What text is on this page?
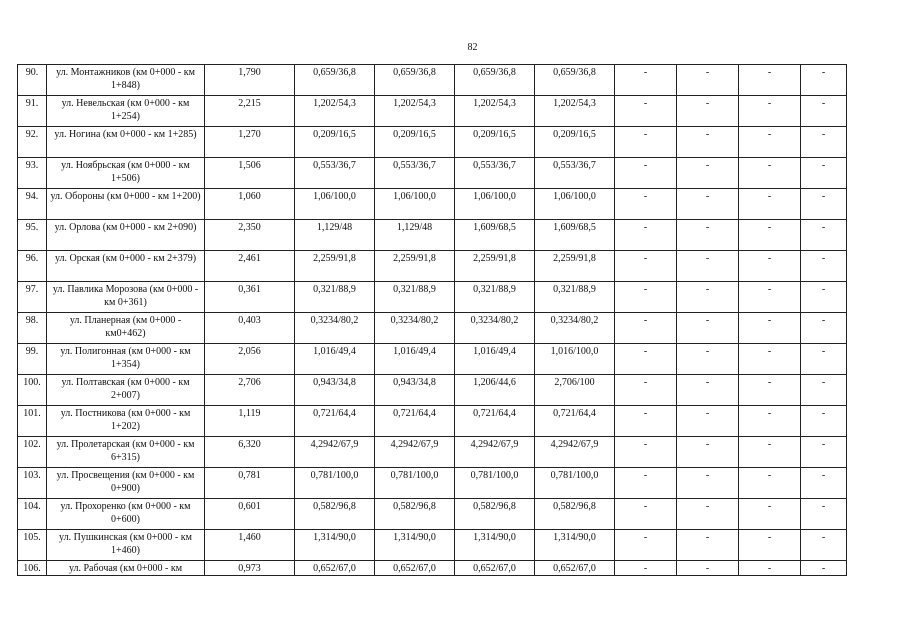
82
90.	ул. Монтажников (км 0+000 - км 1+848)	1,790	0,659/36,8	0,659/36,8	0,659/36,8	0,659/36,8	-	-	-	-
91.	ул. Невельская (км 0+000 - км 1+254)	2,215	1,202/54,3	1,202/54,3	1,202/54,3	1,202/54,3	-	-	-	-
92.	ул. Ногина (км 0+000 - км 1+285)	1,270	0,209/16,5	0,209/16,5	0,209/16,5	0,209/16,5	-	-	-	-
93.	ул. Ноябрьская (км 0+000 - км 1+506)	1,506	0,553/36,7	0,553/36,7	0,553/36,7	0,553/36,7	-	-	-	-
94.	ул. Обороны (км 0+000 - км 1+200)	1,060	1,06/100,0	1,06/100,0	1,06/100,0	1,06/100,0	-	-	-	-
95.	ул. Орлова (км 0+000 - км 2+090)	2,350	1,129/48	1,129/48	1,609/68,5	1,609/68,5	-	-	-	-
96.	ул. Орская (км 0+000 - км 2+379)	2,461	2,259/91,8	2,259/91,8	2,259/91,8	2,259/91,8	-	-	-	-
97.	ул. Павлика Морозова (км 0+000 - км 0+361)	0,361	0,321/88,9	0,321/88,9	0,321/88,9	0,321/88,9	-	-	-	-
98.	ул. Планерная (км 0+000 - км0+462)	0,403	0,3234/80,2	0,3234/80,2	0,3234/80,2	0,3234/80,2	-	-	-	-
99.	ул. Полигонная (км 0+000 - км 1+354)	2,056	1,016/49,4	1,016/49,4	1,016/49,4	1,016/100,0	-	-	-	-
100.	ул. Полтавская (км 0+000 - км 2+007)	2,706	0,943/34,8	0,943/34,8	1,206/44,6	2,706/100	-	-	-	-
101.	ул. Постникова (км 0+000 - км 1+202)	1,119	0,721/64,4	0,721/64,4	0,721/64,4	0,721/64,4	-	-	-	-
102.	ул. Пролетарская (км 0+000 - км 6+315)	6,320	4,2942/67,9	4,2942/67,9	4,2942/67,9	4,2942/67,9	-	-	-	-
103.	ул. Просвещения (км 0+000 - км 0+900)	0,781	0,781/100,0	0,781/100,0	0,781/100,0	0,781/100,0	-	-	-	-
104.	ул. Прохоренко (км 0+000 - км 0+600)	0,601	0,582/96,8	0,582/96,8	0,582/96,8	0,582/96,8	-	-	-	-
105.	ул. Пушкинская (км 0+000 - км 1+460)	1,460	1,314/90,0	1,314/90,0	1,314/90,0	1,314/90,0	-	-	-	-
106.	ул. Рабочая (км 0+000 - км	0,973	0,652/67,0	0,652/67,0	0,652/67,0	0,652/67,0	-	-	-	-
